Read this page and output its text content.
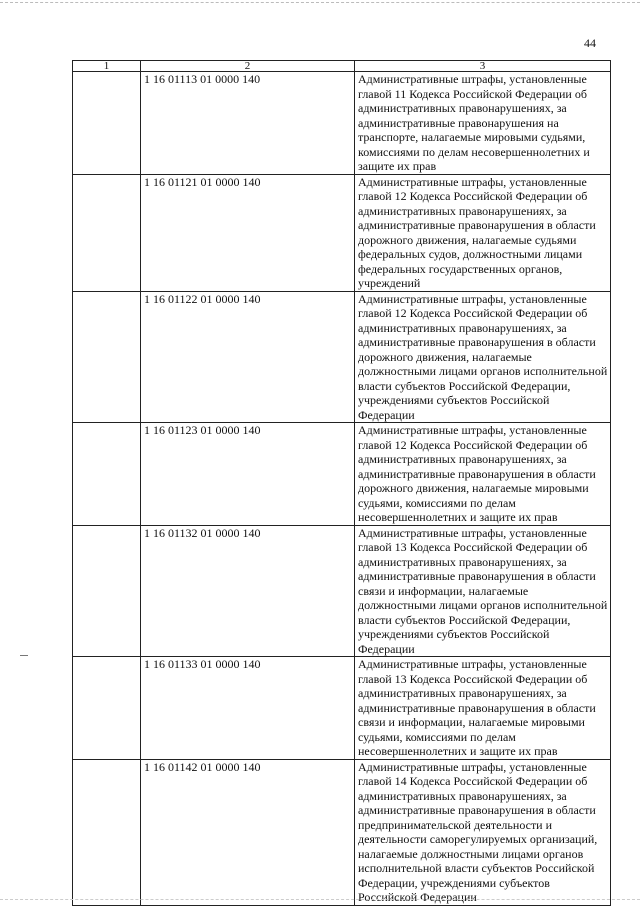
44
1	2	3
	1 16 01113 01 0000 140	Административные штрафы, установленные главой 11 Кодекса Российской Федерации об административных правонарушениях, за административные правонарушения на транспорте, налагаемые мировыми судьями, комиссиями по делам несовершеннолетних и защите их прав
	1 16 01121 01 0000 140	Административные штрафы, установленные главой 12 Кодекса Российской Федерации об административных правонарушениях, за административные правонарушения в области дорожного движения, налагаемые судьями федеральных судов, должностными лицами федеральных государственных органов, учреждений
	1 16 01122 01 0000 140	Административные штрафы, установленные главой 12 Кодекса Российской Федерации об административных правонарушениях, за административные правонарушения в области дорожного движения, налагаемые должностными лицами органов исполнительной власти субъектов Российской Федерации, учреждениями субъектов Российской Федерации
	1 16 01123 01 0000 140	Административные штрафы, установленные главой 12 Кодекса Российской Федерации об административных правонарушениях, за административные правонарушения в области дорожного движения, налагаемые мировыми судьями, комиссиями по делам несовершеннолетних и защите их прав
	1 16 01132 01 0000 140	Административные штрафы, установленные главой 13 Кодекса Российской Федерации об административных правонарушениях, за административные правонарушения в области связи и информации, налагаемые должностными лицами органов исполнительной власти субъектов Российской Федерации, учреждениями субъектов Российской Федерации
	1 16 01133 01 0000 140	Административные штрафы, установленные главой 13 Кодекса Российской Федерации об административных правонарушениях, за административные правонарушения в области связи и информации, налагаемые мировыми судьями, комиссиями по делам несовершеннолетних и защите их прав
	1 16 01142 01 0000 140	Административные штрафы, установленные главой 14 Кодекса Российской Федерации об административных правонарушениях, за административные правонарушения в области предпринимательской деятельности и деятельности саморегулируемых организаций, налагаемые должностными лицами органов исполнительной власти субъектов Российской Федерации, учреждениями субъектов Российской Федерации
